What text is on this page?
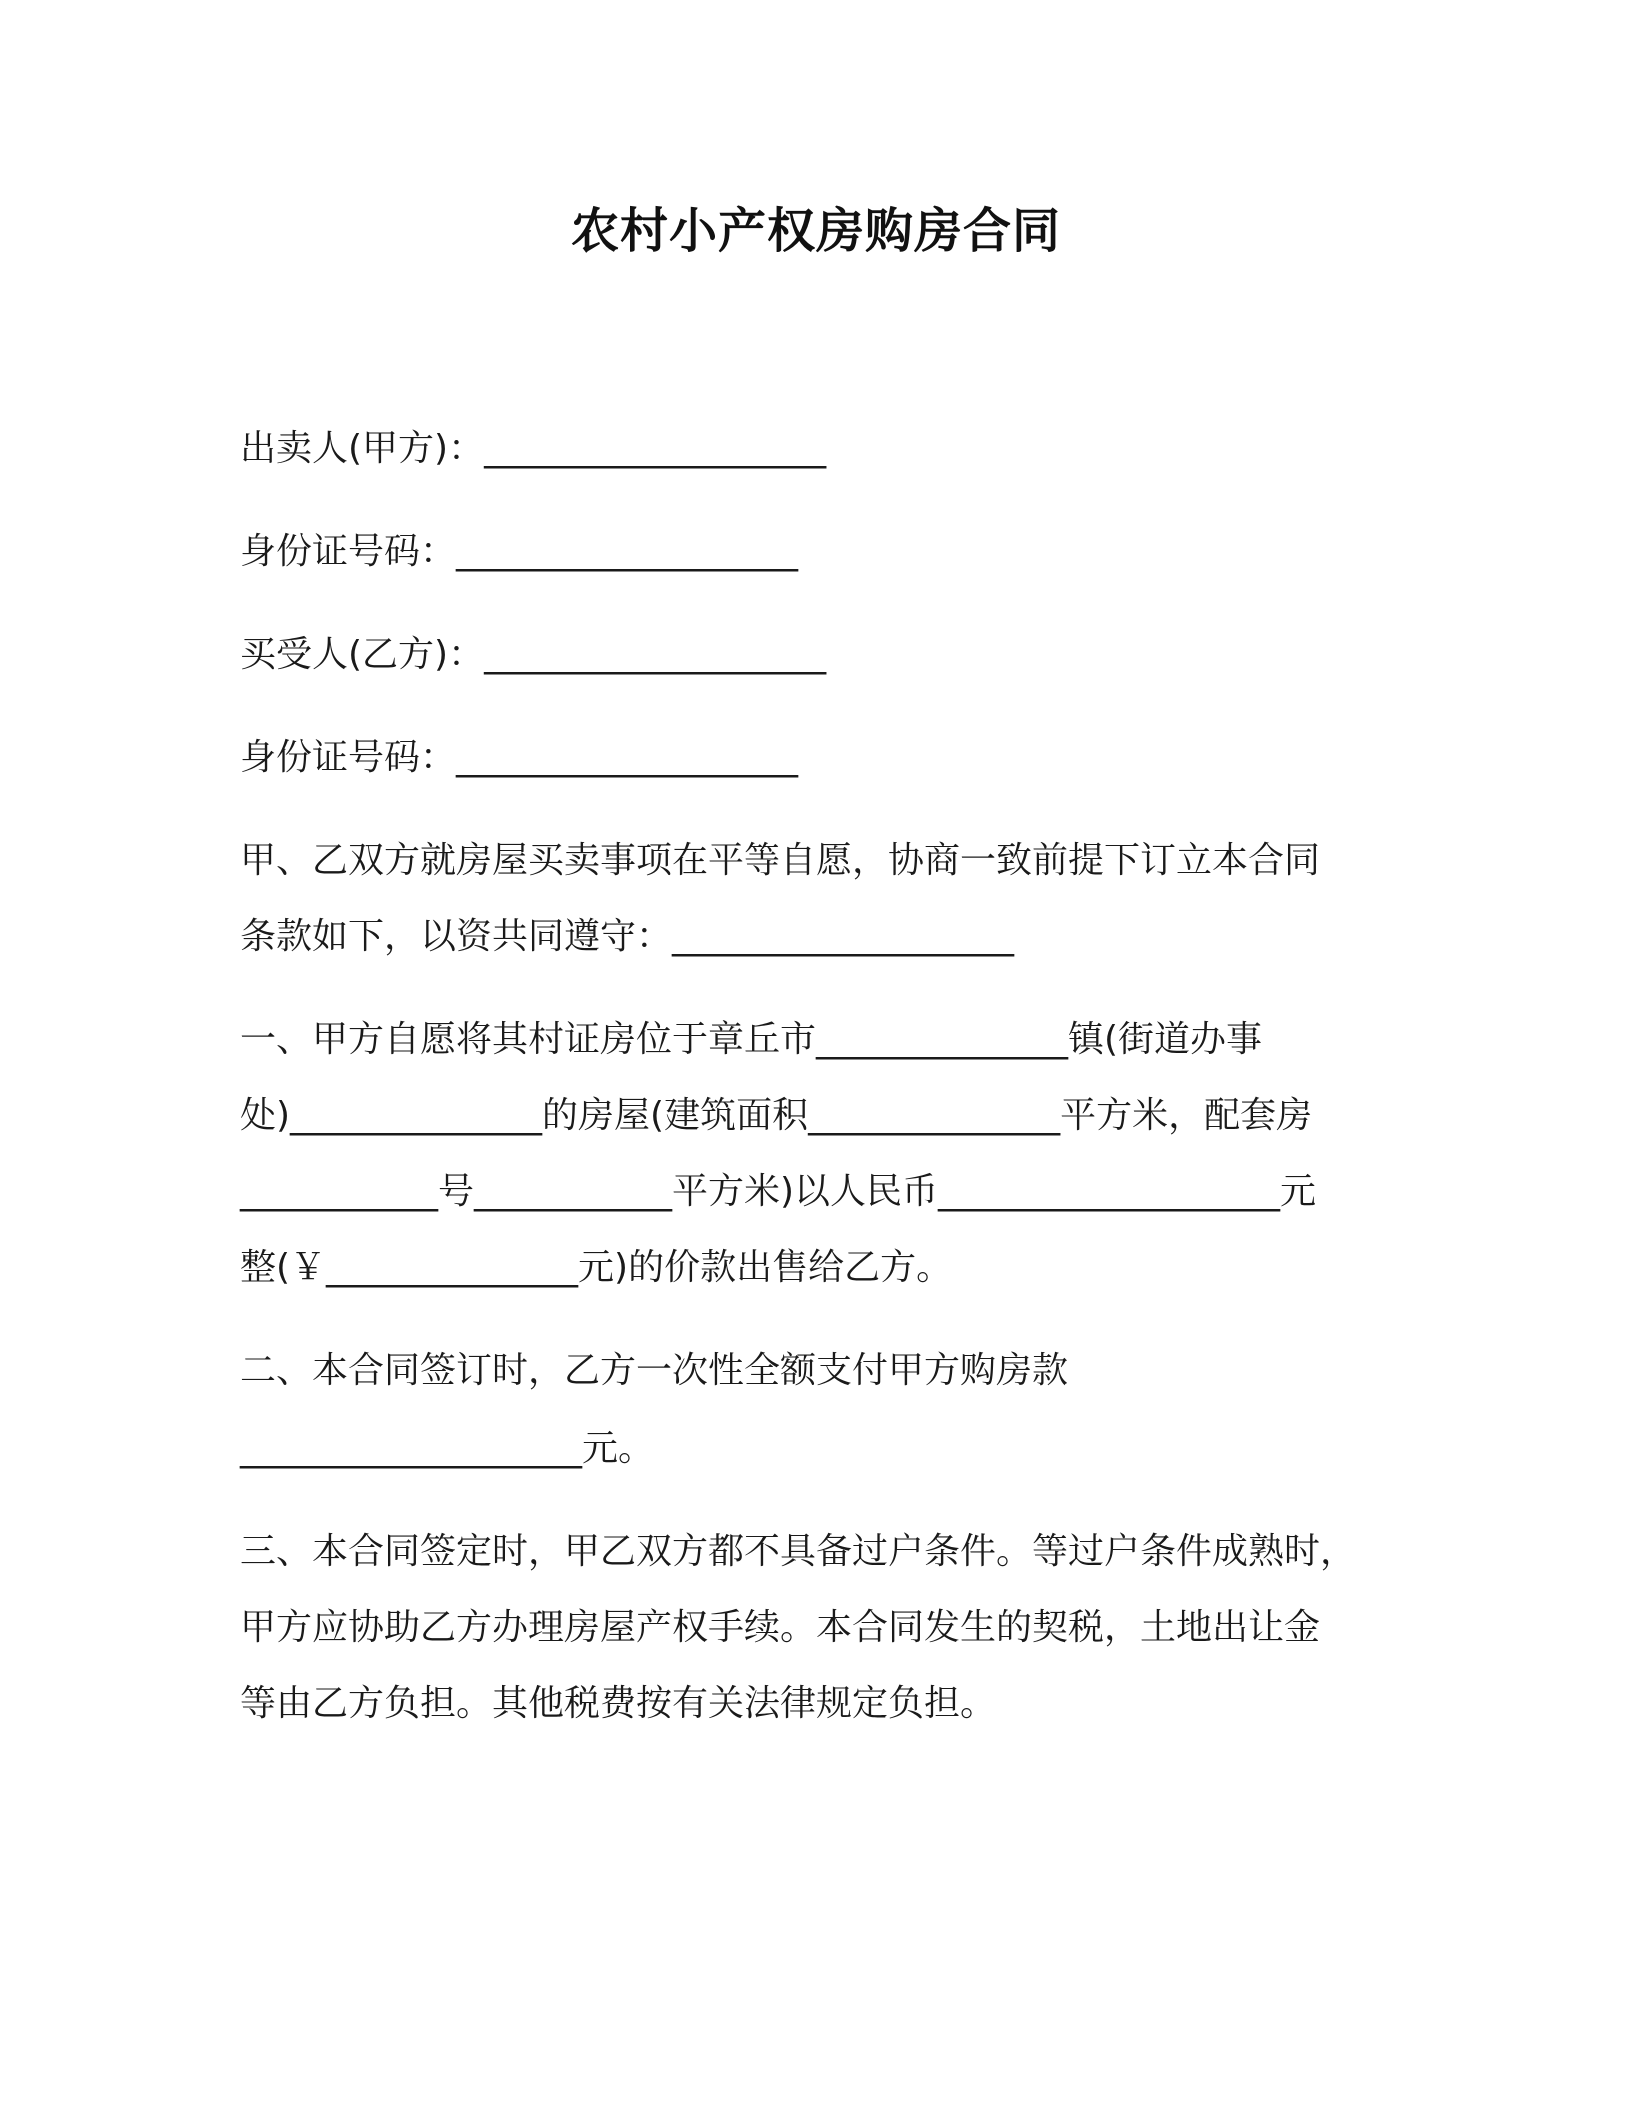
农村小产权房购房合同
出卖人(甲方)：___________________
身份证号码：___________________
买受人(乙方)：___________________
身份证号码：___________________
甲、乙双方就房屋买卖事项在平等自愿，协商一致前提下订立本合同
条款如下，以资共同遵守：___________________
一、甲方自愿将其村证房位于章丘市______________镇(街道办事
处)______________的房屋(建筑面积______________平方米，配套房
___________号___________平方米)以人民币___________________元
整(￥______________元)的价款出售给乙方。
二、本合同签订时，乙方一次性全额支付甲方购房款
___________________元。
三、本合同签定时，甲乙双方都不具备过户条件。等过户条件成熟时，
甲方应协助乙方办理房屋产权手续。本合同发生的契税，土地出让金
等由乙方负担。其他税费按有关法律规定负担。
